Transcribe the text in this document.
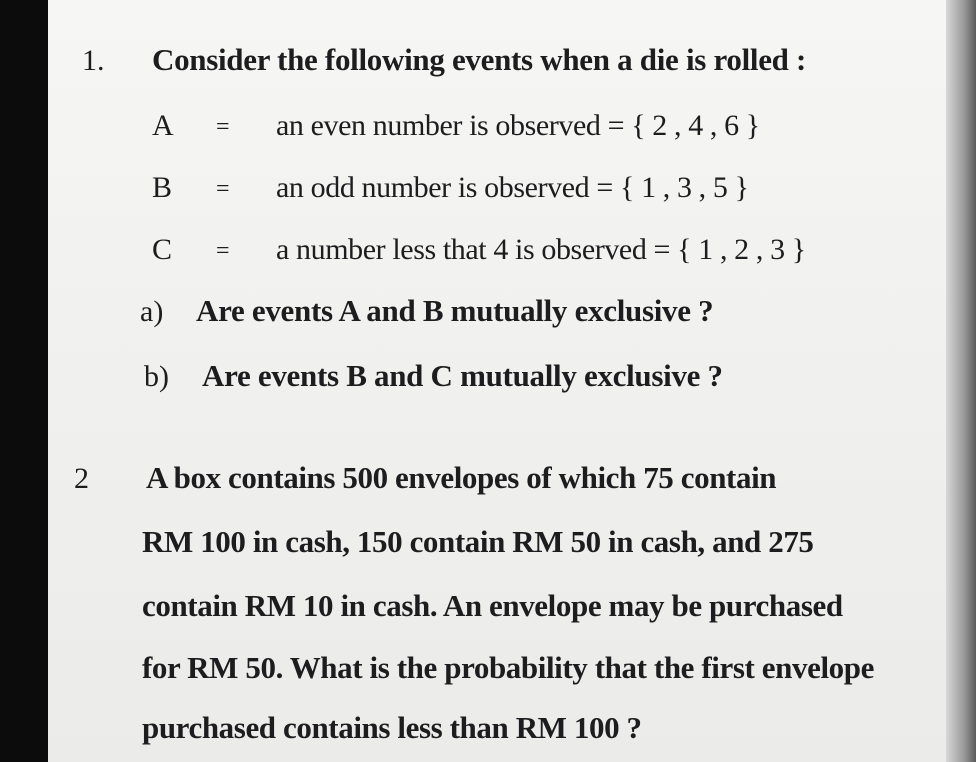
1. Consider the following events when a die is rolled :
A = an even number is observed = { 2 , 4 , 6 }
B = an odd number is observed = { 1 , 3 , 5 }
C = a number less that 4 is observed = { 1 , 2 , 3 }
a) Are events A and B mutually exclusive ?
b) Are events B and C mutually exclusive ?
2 A box contains 500 envelopes of which 75 contain
RM 100 in cash, 150 contain RM 50 in cash, and 275
contain RM 10 in cash. An envelope may be purchased
for RM 50. What is the probability that the first envelope
purchased contains less than RM 100 ?
